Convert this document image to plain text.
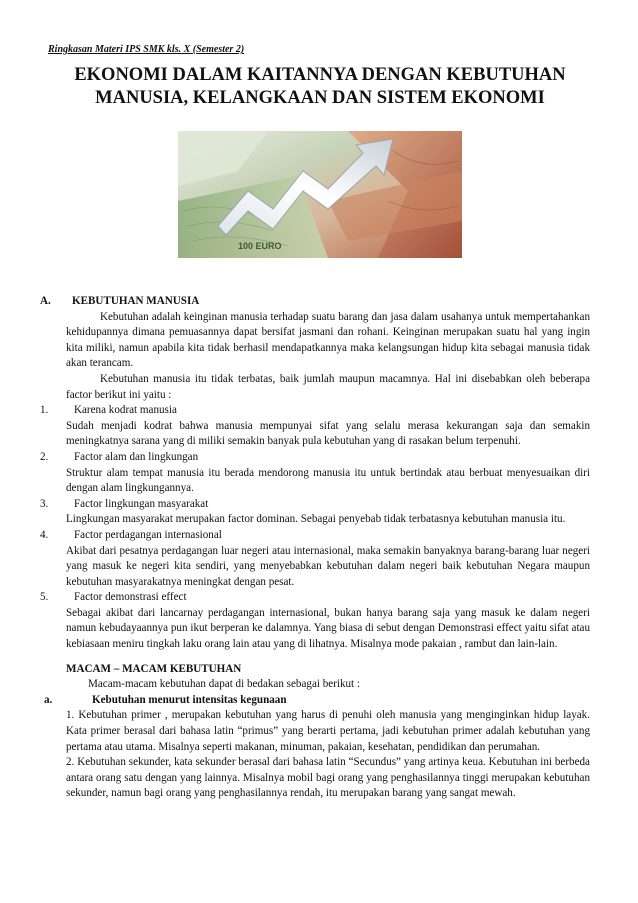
Ringkasan Materi IPS SMK kls. X (Semester 2)
EKONOMI DALAM KAITANNYA DENGAN KEBUTUHAN MANUSIA, KELANGKAAN DAN SISTEM EKONOMI
100 EURO
A.	KEBUTUHAN MANUSIA
Kebutuhan adalah keinginan manusia terhadap suatu barang dan jasa dalam usahanya untuk mempertahankan kehidupannya dimana pemuasannya dapat bersifat jasmani dan rohani. Keinginan merupakan suatu hal yang ingin kita miliki, namun apabila kita tidak berhasil mendapatkannya maka kelangsungan hidup kita sebagai manusia tidak akan terancam.
Kebutuhan manusia itu tidak terbatas, baik jumlah maupun macamnya. Hal ini disebabkan oleh beberapa factor berikut ini yaitu :
1.	Karena kodrat manusia
Sudah menjadi kodrat bahwa manusia mempunyai sifat yang selalu merasa kekurangan saja dan semakin meningkatnya sarana yang di miliki semakin banyak pula kebutuhan yang di rasakan belum terpenuhi.
2.	Factor alam dan lingkungan
Struktur alam tempat manusia itu berada mendorong manusia itu untuk bertindak atau berbuat menyesuaikan diri dengan alam lingkungannya.
3.	Factor lingkungan masyarakat
Lingkungan masyarakat merupakan factor dominan. Sebagai penyebab tidak terbatasnya kebutuhan manusia itu.
4.	Factor perdagangan internasional
Akibat dari pesatnya perdagangan luar negeri atau internasional, maka semakin banyaknya barang-barang luar negeri yang masuk ke negeri kita sendiri, yang menyebabkan kebutuhan dalam negeri baik kebutuhan Negara maupun kebutuhan masyarakatnya meningkat dengan pesat.
5.	Factor demonstrasi effect
Sebagai akibat dari lancarnay perdagangan internasional, bukan hanya barang saja yang masuk ke dalam negeri namun kebudayaannya pun ikut berperan ke dalamnya. Yang biasa di sebut dengan Demonstrasi effect yaitu sifat atau kebiasaan meniru tingkah laku orang lain atau yang di lihatnya. Misalnya mode pakaian , rambut dan lain-lain.
MACAM – MACAM KEBUTUHAN
Macam-macam kebutuhan dapat di bedakan sebagai berikut :
a.	Kebutuhan menurut intensitas kegunaan
1. Kebutuhan primer , merupakan kebutuhan yang harus di penuhi oleh manusia yang menginginkan hidup layak. Kata primer berasal dari bahasa latin “primus” yang berarti pertama, jadi kebutuhan primer adalah kebutuhan yang pertama atau utama. Misalnya seperti makanan, minuman, pakaian, kesehatan, pendidikan dan perumahan.
2. Kebutuhan sekunder, kata sekunder berasal dari bahasa latin “Secundus” yang artinya keua. Kebutuhan ini berbeda antara orang satu dengan yang lainnya. Misalnya mobil bagi orang yang penghasilannya tinggi merupakan kebutuhan sekunder, namun bagi orang yang penghasilannya rendah, itu merupakan barang yang sangat mewah.
